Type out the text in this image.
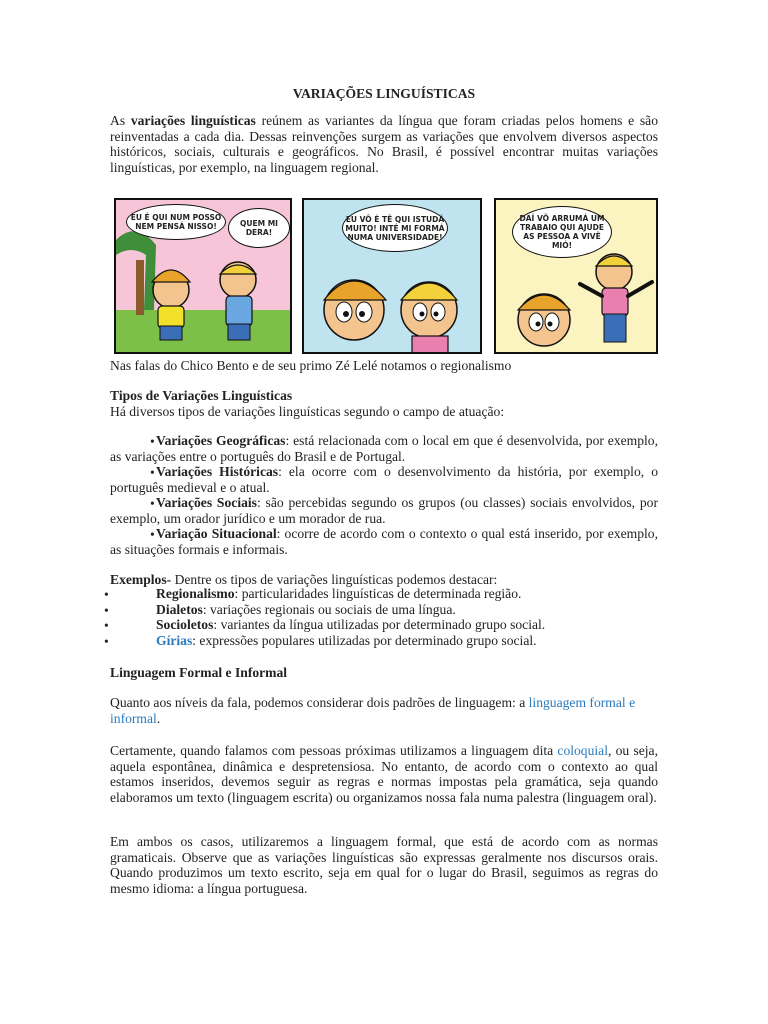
VARIAÇÕES LINGUÍSTICAS
As variações linguísticas reúnem as variantes da língua que foram criadas pelos homens e são reinventadas a cada dia. Dessas reinvenções surgem as variações que envolvem diversos aspectos históricos, sociais, culturais e geográficos. No Brasil, é possível encontrar muitas variações linguísticas, por exemplo, na linguagem regional.
EU É QUI NUM POSSO NEM PENSÁ NISSO!	QUEM MI DERA!
EU VÔ É TÊ QUI ISTUDÁ MUITO! INTÉ MI FORMÁ NUMA UNIVERSIDADE!
DAÍ VÔ ARRUMÁ UM TRABAIO QUI AJUDE AS PESSOA A VIVÊ MIÓ!
Nas falas do Chico Bento e de seu primo Zé Lelé notamos o regionalismo
Tipos de Variações Linguísticas
Há diversos tipos de variações linguísticas segundo o campo de atuação:
• Variações Geográficas: está relacionada com o local em que é desenvolvida, por exemplo, as variações entre o português do Brasil e de Portugal.
• Variações Históricas: ela ocorre com o desenvolvimento da história, por exemplo, o português medieval e o atual.
• Variações Sociais: são percebidas segundo os grupos (ou classes) sociais envolvidos, por exemplo, um orador jurídico e um morador de rua.
• Variação Situacional: ocorre de acordo com o contexto o qual está inserido, por exemplo, as situações formais e informais.
Exemplos- Dentre os tipos de variações linguísticas podemos destacar:
• Regionalismo: particularidades linguísticas de determinada região.
• Dialetos: variações regionais ou sociais de uma língua.
• Socioletos: variantes da língua utilizadas por determinado grupo social.
• Gírias: expressões populares utilizadas por determinado grupo social.
Linguagem Formal e Informal
Quanto aos níveis da fala, podemos considerar dois padrões de linguagem: a linguagem formal e informal.
Certamente, quando falamos com pessoas próximas utilizamos a linguagem dita coloquial, ou seja, aquela espontânea, dinâmica e despretensiosa. No entanto, de acordo com o contexto ao qual estamos inseridos, devemos seguir as regras e normas impostas pela gramática, seja quando elaboramos um texto (linguagem escrita) ou organizamos nossa fala numa palestra (linguagem oral).
Em ambos os casos, utilizaremos a linguagem formal, que está de acordo com as normas gramaticais. Observe que as variações linguísticas são expressas geralmente nos discursos orais. Quando produzimos um texto escrito, seja em qual for o lugar do Brasil, seguimos as regras do mesmo idioma: a língua portuguesa.
